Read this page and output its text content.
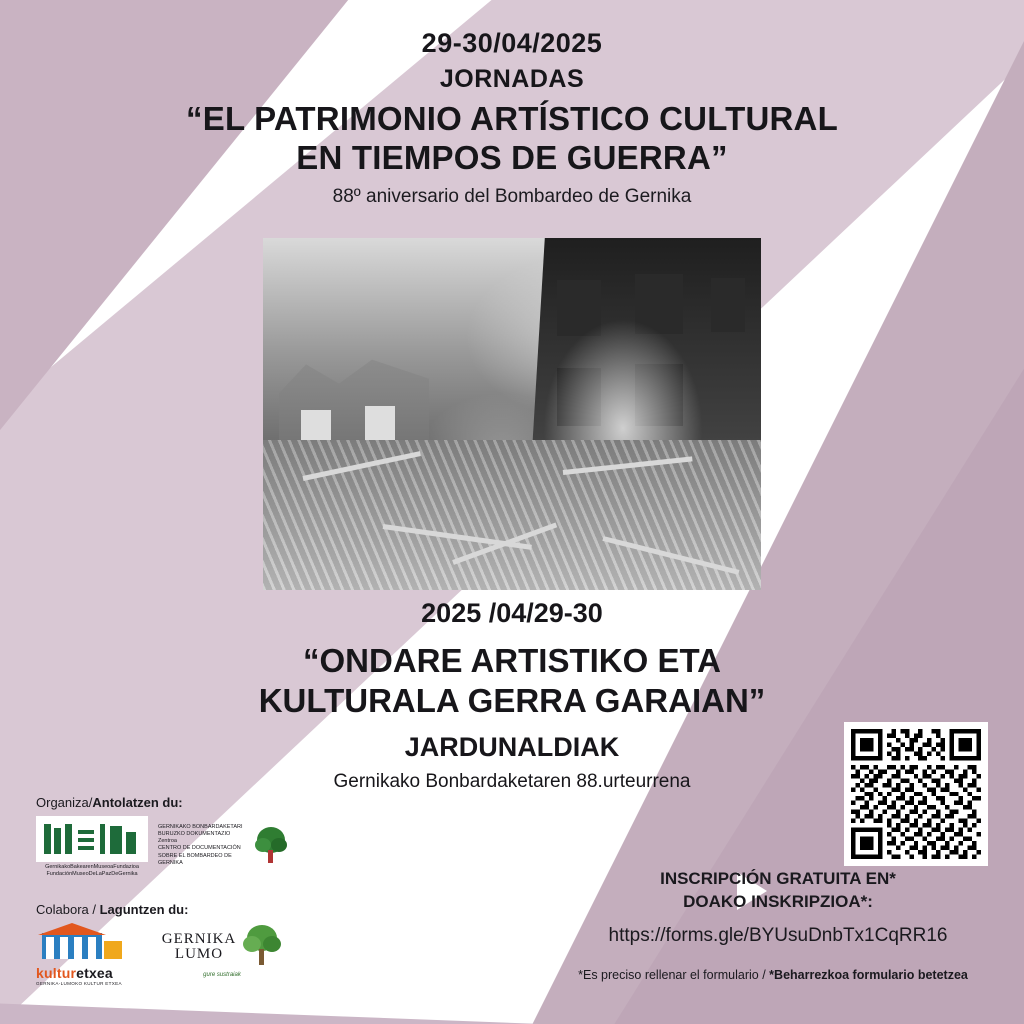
29-30/04/2025
JORNADAS
“EL PATRIMONIO ARTÍSTICO CULTURAL
EN TIEMPOS DE GUERRA”
88º aniversario del Bombardeo de Gernika
2025 /04/29-30
“ONDARE ARTISTIKO ETA
KULTURALA GERRA GARAIAN”
JARDUNALDIAK
Gernikako Bonbardaketaren 88.urteurrena
Organiza/Antolatzen du:
GernikakoBakearenMuseoaFundazioa
FundaciónMuseoDeLaPazDeGernika
GERNIKAKO BONBARDAKETARI BURUZKO DOKUMENTAZIO Zentroa
CENTRO DE DOCUMENTACIÓN SOBRE EL BOMBARDEO DE GERNIKA
Colabora / Laguntzen du:
kulturetxea
GERNIKA-LUMOKO KULTUR ETXEA
GERNIKA
LUMO
gure sustraiak
INSCRIPCIÓN GRATUITA EN*
DOAKO INSKRIPZIOA*:
https://forms.gle/BYUsuDnbTx1CqRR16
*Es preciso rellenar el formulario / *Beharrezkoa formulario betetzea
